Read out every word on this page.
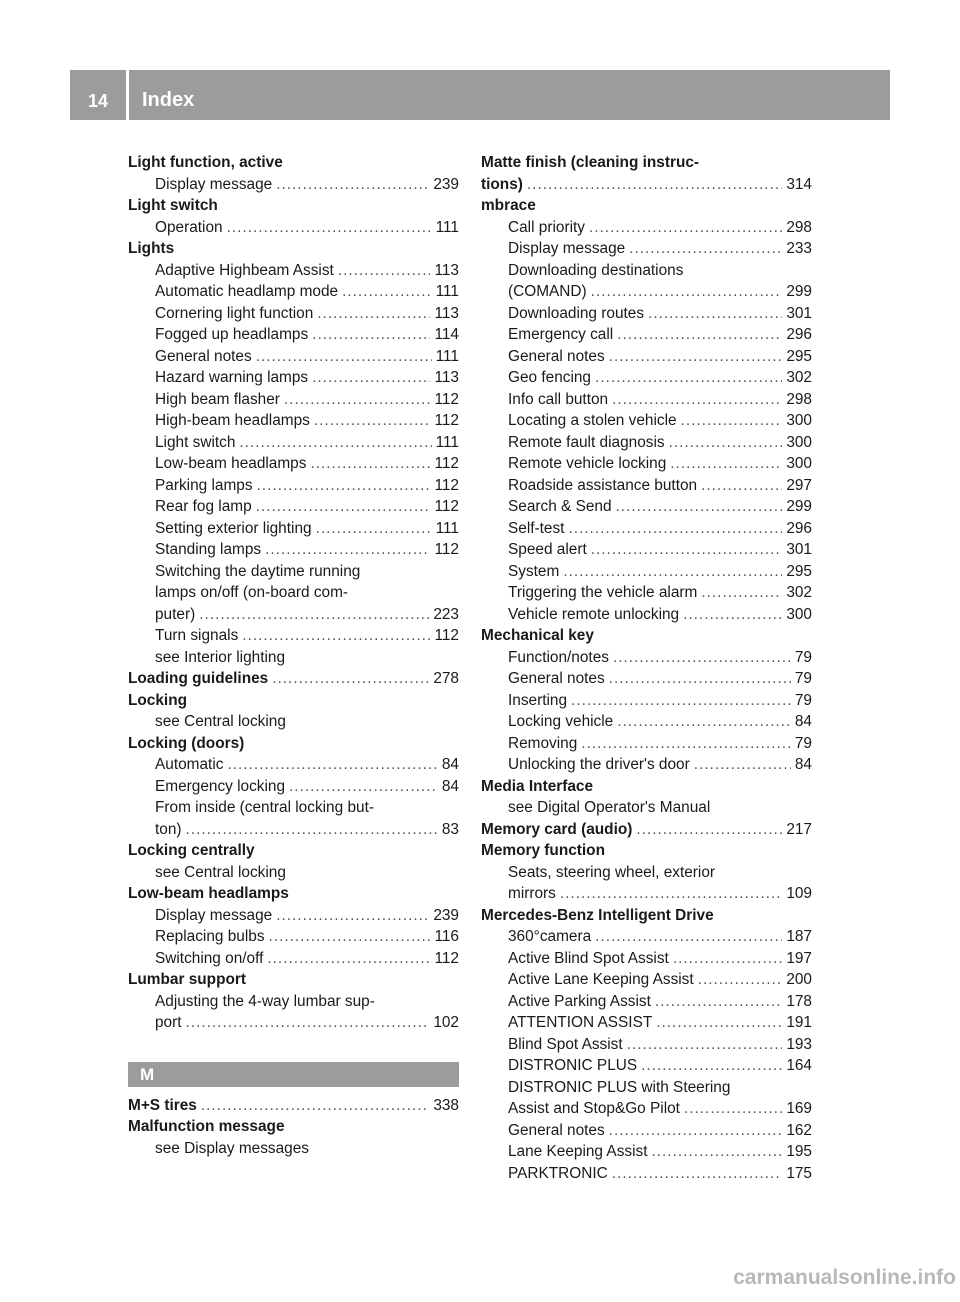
14	Index
Light function, active
Display message .....	239
Light switch
Operation .....	111
Lights
Adaptive Highbeam Assist .....	113
Automatic headlamp mode .....	111
Cornering light function .....	113
Fogged up headlamps .....	114
General notes .....	111
Hazard warning lamps .....	113
High beam flasher .....	112
High-beam headlamps .....	112
Light switch .....	111
Low-beam headlamps .....	112
Parking lamps .....	112
Rear fog lamp .....	112
Setting exterior lighting .....	111
Standing lamps .....	112
Switching the daytime running
lamps on/off (on-board com-
puter) .....	223
Turn signals .....	112
see Interior lighting
Loading guidelines .....	278
Locking
see Central locking
Locking (doors)
Automatic .....	84
Emergency locking .....	84
From inside (central locking but-
ton) .....	83
Locking centrally
see Central locking
Low-beam headlamps
Display message .....	239
Replacing bulbs .....	116
Switching on/off .....	112
Lumbar support
Adjusting the 4-way lumbar sup-
port .....	102
M
M+S tires .....	338
Malfunction message
see Display messages
Matte finish (cleaning instruc-
tions) .....	314
mbrace
Call priority .....	298
Display message .....	233
Downloading destinations
(COMAND) .....	299
Downloading routes .....	301
Emergency call .....	296
General notes .....	295
Geo fencing .....	302
Info call button .....	298
Locating a stolen vehicle .....	300
Remote fault diagnosis .....	300
Remote vehicle locking .....	300
Roadside assistance button .....	297
Search & Send .....	299
Self-test .....	296
Speed alert .....	301
System .....	295
Triggering the vehicle alarm .....	302
Vehicle remote unlocking .....	300
Mechanical key
Function/notes .....	79
General notes .....	79
Inserting .....	79
Locking vehicle .....	84
Removing .....	79
Unlocking the driver's door .....	84
Media Interface
see Digital Operator's Manual
Memory card (audio) .....	217
Memory function
Seats, steering wheel, exterior
mirrors .....	109
Mercedes-Benz Intelligent Drive
360°camera .....	187
Active Blind Spot Assist .....	197
Active Lane Keeping Assist .....	200
Active Parking Assist .....	178
ATTENTION ASSIST .....	191
Blind Spot Assist .....	193
DISTRONIC PLUS .....	164
DISTRONIC PLUS with Steering
Assist and Stop&Go Pilot .....	169
General notes .....	162
Lane Keeping Assist .....	195
PARKTRONIC .....	175
carmanualsonline.info
